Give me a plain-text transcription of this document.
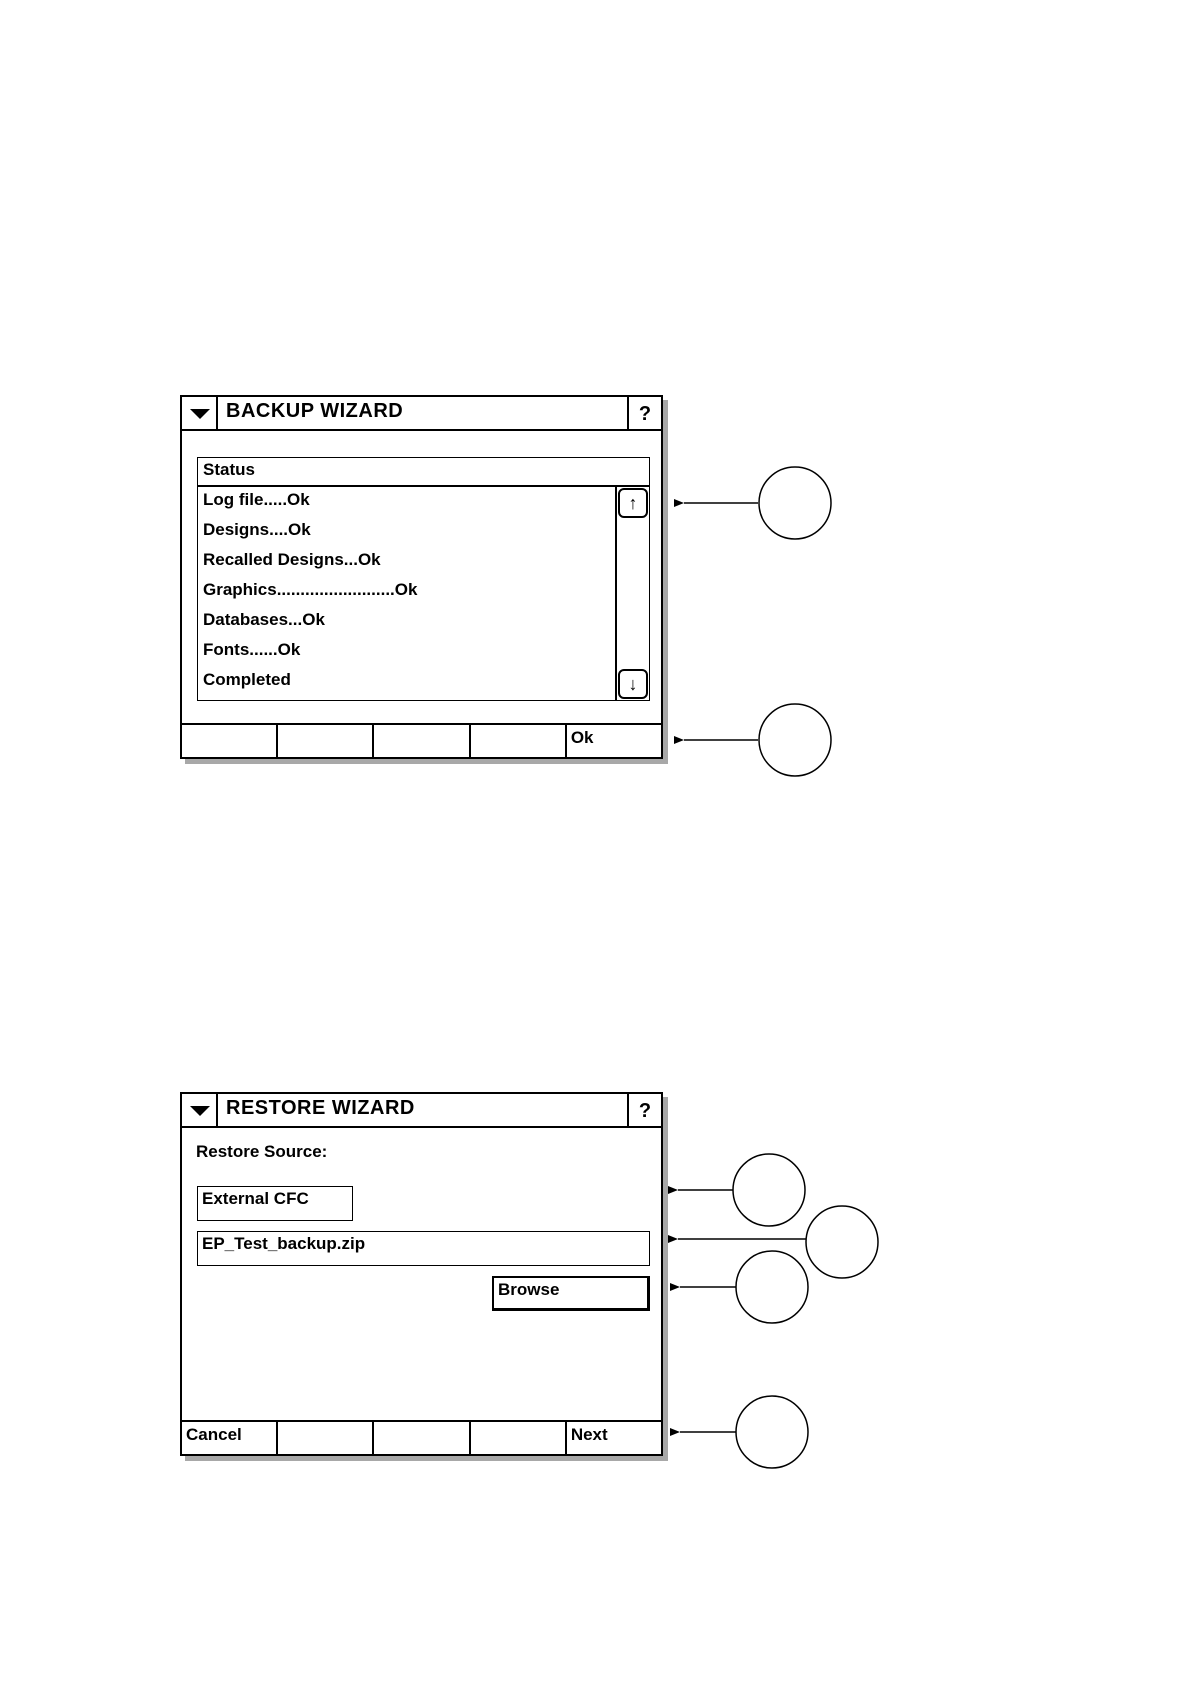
BACKUP WIZARD	?
Status
Log file.....Ok
Designs....Ok
Recalled Designs...Ok
Graphics.........................Ok
Databases...Ok
Fonts......Ok
Completed
↑
↓
Ok
RESTORE WIZARD	?
Restore Source:
External CFC
EP_Test_backup.zip
Browse
Cancel	Next
